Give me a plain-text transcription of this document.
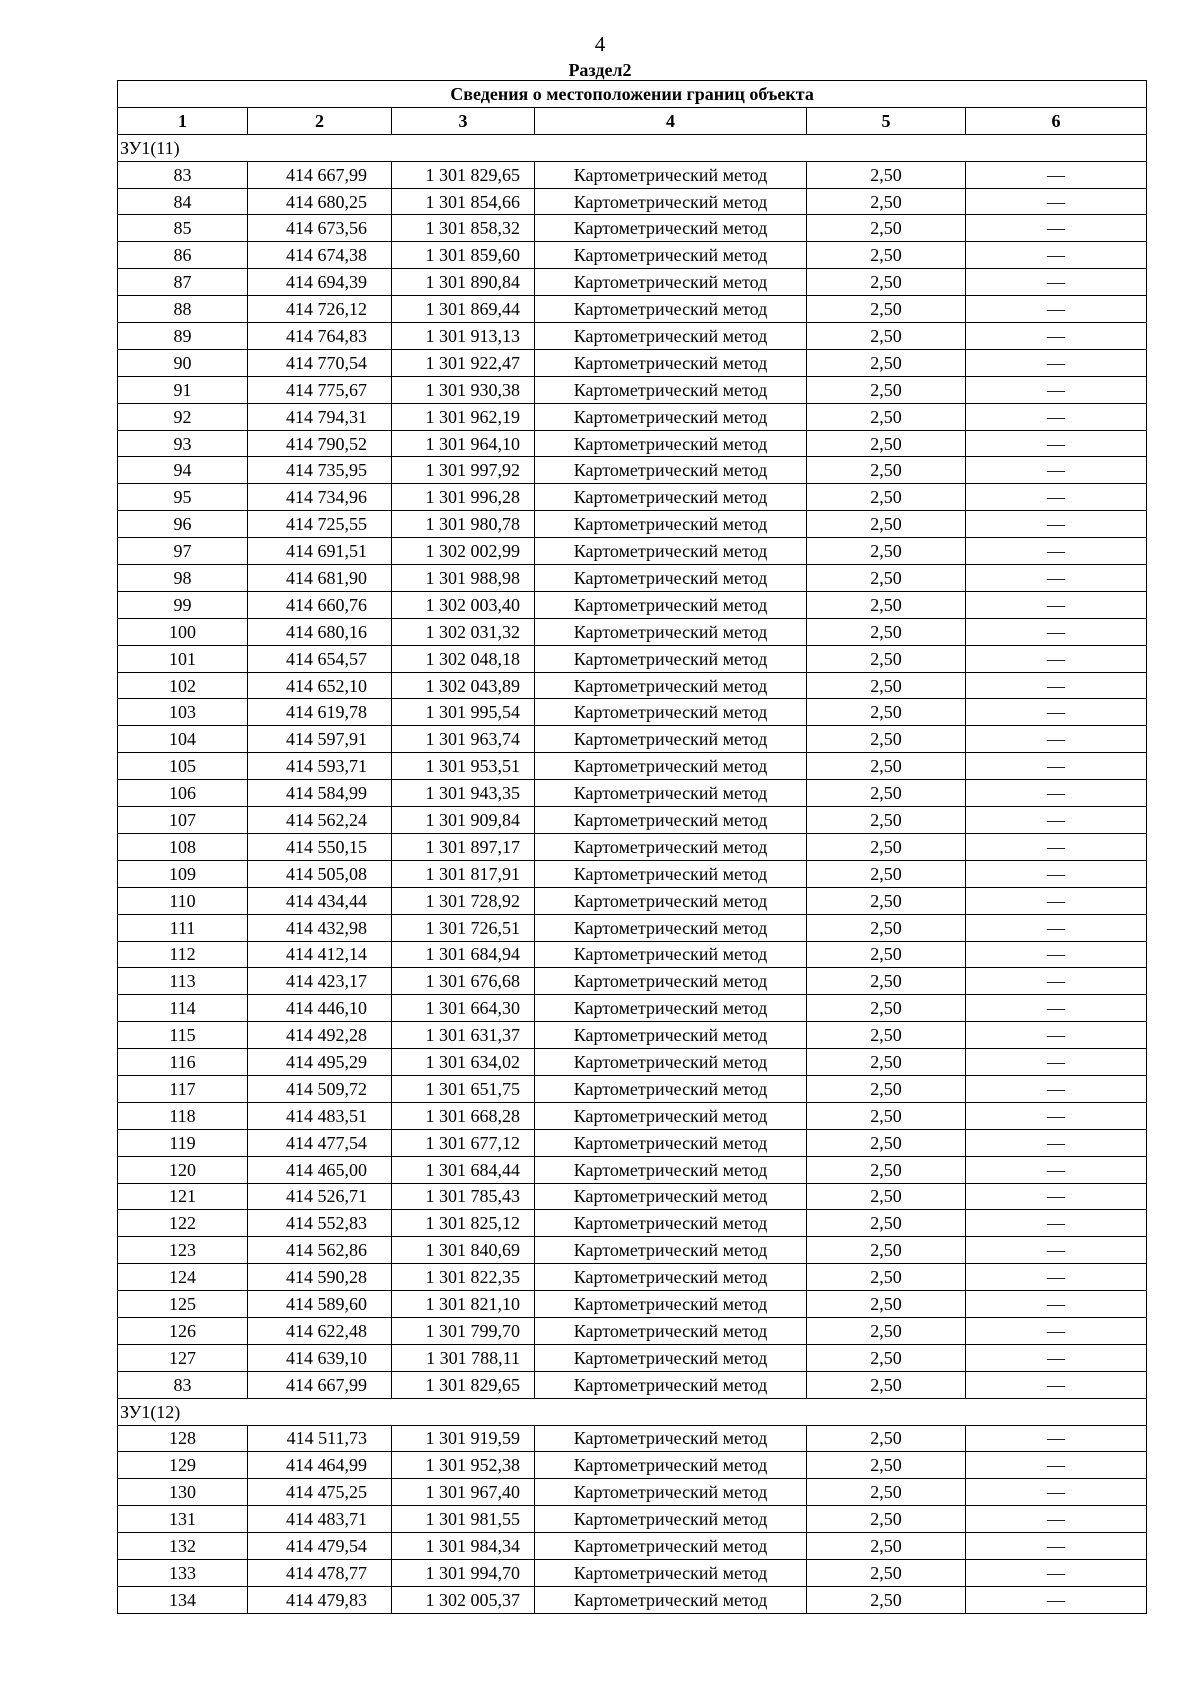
4
Раздел2
Сведения о местоположении границ объекта					
1	2	3	4	5	6
ЗУ1(11)					
83	414 667,99	1 301 829,65	Картометрический метод	2,50	—
84	414 680,25	1 301 854,66	Картометрический метод	2,50	—
85	414 673,56	1 301 858,32	Картометрический метод	2,50	—
86	414 674,38	1 301 859,60	Картометрический метод	2,50	—
87	414 694,39	1 301 890,84	Картометрический метод	2,50	—
88	414 726,12	1 301 869,44	Картометрический метод	2,50	—
89	414 764,83	1 301 913,13	Картометрический метод	2,50	—
90	414 770,54	1 301 922,47	Картометрический метод	2,50	—
91	414 775,67	1 301 930,38	Картометрический метод	2,50	—
92	414 794,31	1 301 962,19	Картометрический метод	2,50	—
93	414 790,52	1 301 964,10	Картометрический метод	2,50	—
94	414 735,95	1 301 997,92	Картометрический метод	2,50	—
95	414 734,96	1 301 996,28	Картометрический метод	2,50	—
96	414 725,55	1 301 980,78	Картометрический метод	2,50	—
97	414 691,51	1 302 002,99	Картометрический метод	2,50	—
98	414 681,90	1 301 988,98	Картометрический метод	2,50	—
99	414 660,76	1 302 003,40	Картометрический метод	2,50	—
100	414 680,16	1 302 031,32	Картометрический метод	2,50	—
101	414 654,57	1 302 048,18	Картометрический метод	2,50	—
102	414 652,10	1 302 043,89	Картометрический метод	2,50	—
103	414 619,78	1 301 995,54	Картометрический метод	2,50	—
104	414 597,91	1 301 963,74	Картометрический метод	2,50	—
105	414 593,71	1 301 953,51	Картометрический метод	2,50	—
106	414 584,99	1 301 943,35	Картометрический метод	2,50	—
107	414 562,24	1 301 909,84	Картометрический метод	2,50	—
108	414 550,15	1 301 897,17	Картометрический метод	2,50	—
109	414 505,08	1 301 817,91	Картометрический метод	2,50	—
110	414 434,44	1 301 728,92	Картометрический метод	2,50	—
111	414 432,98	1 301 726,51	Картометрический метод	2,50	—
112	414 412,14	1 301 684,94	Картометрический метод	2,50	—
113	414 423,17	1 301 676,68	Картометрический метод	2,50	—
114	414 446,10	1 301 664,30	Картометрический метод	2,50	—
115	414 492,28	1 301 631,37	Картометрический метод	2,50	—
116	414 495,29	1 301 634,02	Картометрический метод	2,50	—
117	414 509,72	1 301 651,75	Картометрический метод	2,50	—
118	414 483,51	1 301 668,28	Картометрический метод	2,50	—
119	414 477,54	1 301 677,12	Картометрический метод	2,50	—
120	414 465,00	1 301 684,44	Картометрический метод	2,50	—
121	414 526,71	1 301 785,43	Картометрический метод	2,50	—
122	414 552,83	1 301 825,12	Картометрический метод	2,50	—
123	414 562,86	1 301 840,69	Картометрический метод	2,50	—
124	414 590,28	1 301 822,35	Картометрический метод	2,50	—
125	414 589,60	1 301 821,10	Картометрический метод	2,50	—
126	414 622,48	1 301 799,70	Картометрический метод	2,50	—
127	414 639,10	1 301 788,11	Картометрический метод	2,50	—
83	414 667,99	1 301 829,65	Картометрический метод	2,50	—
ЗУ1(12)					
128	414 511,73	1 301 919,59	Картометрический метод	2,50	—
129	414 464,99	1 301 952,38	Картометрический метод	2,50	—
130	414 475,25	1 301 967,40	Картометрический метод	2,50	—
131	414 483,71	1 301 981,55	Картометрический метод	2,50	—
132	414 479,54	1 301 984,34	Картометрический метод	2,50	—
133	414 478,77	1 301 994,70	Картометрический метод	2,50	—
134	414 479,83	1 302 005,37	Картометрический метод	2,50	—
